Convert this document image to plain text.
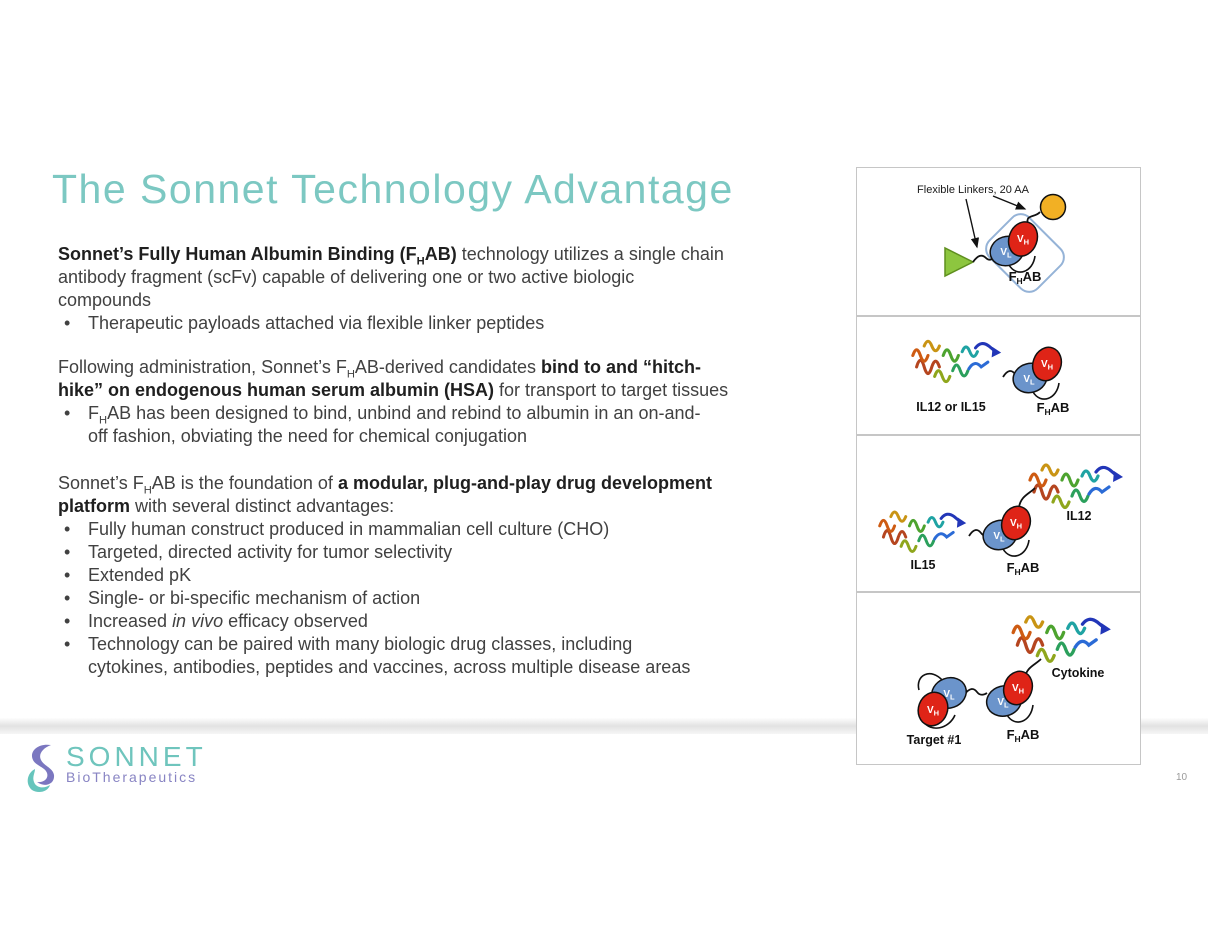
The Sonnet Technology Advantage

Sonnet’s Fully Human Albumin Binding $(F_HAB)$ technology utilizes a single chain
antibody fragment (scFv) capable of delivering one or two active biologic
compounds

• Therapeutic payloads attached via flexible linker peptides

Following administration, Sonnet’s $F_HAB$-derived candidates bind to and “hitch-
hike” on endogenous human serum albumin (HSA) for transport to target tissues

• $F_HAB$ has been designed to bind, unbind and rebind to albumin in an on-and-
off fashion, obviating the need for chemical conjugation

Sonnet’s $F_HAB$ is the foundation of a modular, plug-and-play drug development
platform with several distinct advantages:

• Fully human construct produced in mammalian cell culture (CHO)
• Targeted, directed activity for tumor selectivity
• Extended pK
• Single- or bi-specific mechanism of action
• Increased in vivo efficacy observed
• Technology can be paired with many biologic drug classes, including
cytokines, antibodies, peptides and vaccines, across multiple disease areas
Flexible Linkers, 20 AA
$V_L$
$V_H$
$F_HAB$
$V_L$
$V_H$
IL12 or IL15	$F_HAB$
$V_L$
$V_H$
IL15
IL12
$F_HAB$
$V_L$
$V_H$
$V_L$
$V_H$
Target #1
Cytokine
$F_HAB$
SONNET
BioTherapeutics	10
